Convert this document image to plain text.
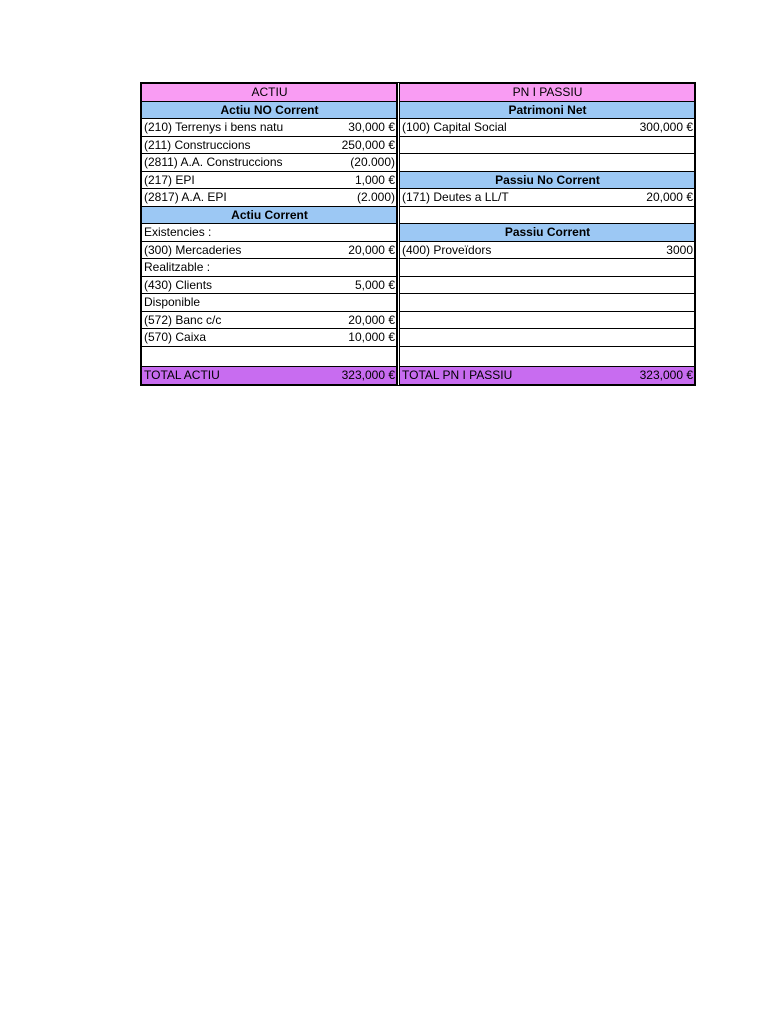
ACTIU	
Actiu NO Corrent	
(210) Terrenys i bens natu	30,000 €
(211) Construccions	250,000 €
(2811) A.A. Construccions	(20.000)
(217) EPI	1,000 €
(2817) A.A. EPI	(2.000)
Actiu Corrent	
Existencies :	
(300) Mercaderies	20,000 €
Realitzable :	
(430) Clients	5,000 €
Disponible	
(572) Banc c/c	20,000 €
(570) Caixa	10,000 €

TOTAL ACTIU	323,000 €
PN I PASSIU	
Patrimoni Net	
(100) Capital Social	300,000 €

Passiu No Corrent	
(171) Deutes a LL/T	20,000 €

Passiu Corrent	
(400) Proveïdors	3000

TOTAL PN I PASSIU	323,000 €
